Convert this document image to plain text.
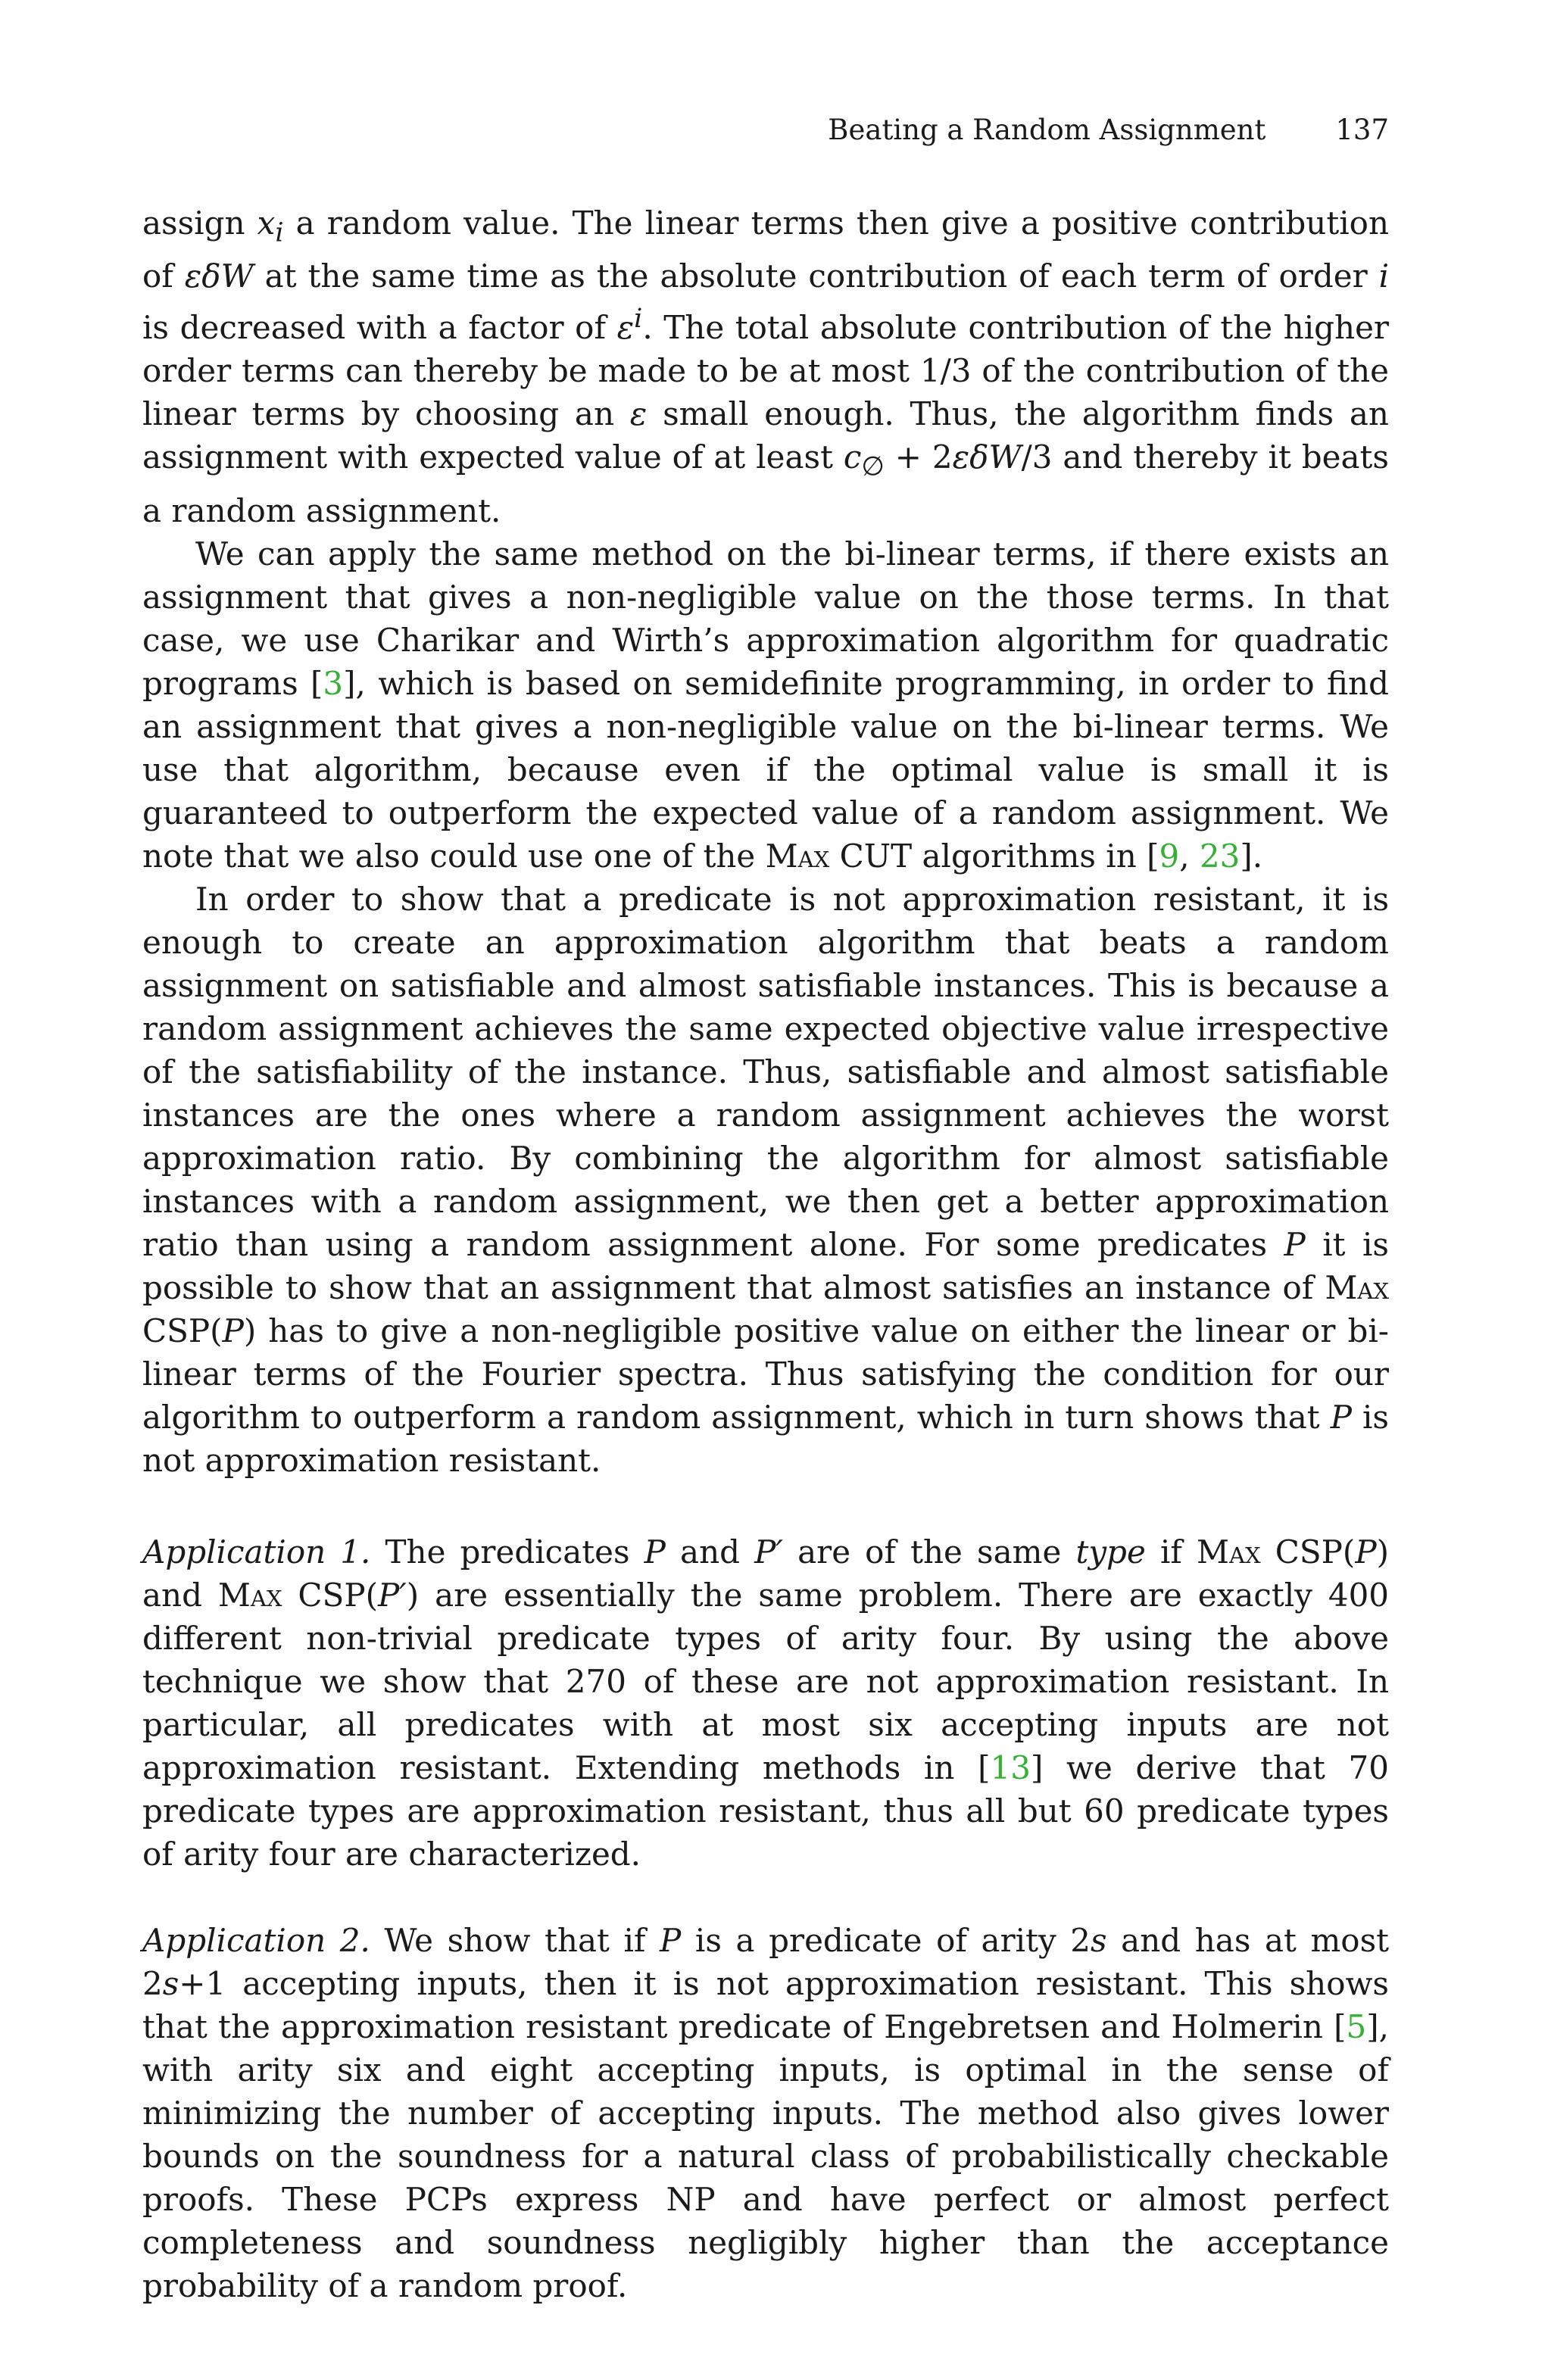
Beating a Random Assignment 137

assign $x_i$ a random value. The linear terms then give a positive contribution of εδW at the same time as the absolute contribution of each term of order i is decreased with a factor of $\varepsilon^i$. The total absolute contribution of the higher order terms can thereby be made to be at most 1/3 of the contribution of the linear terms by choosing an ε small enough. Thus, the algorithm finds an assignment with expected value of at least $c_\emptyset + 2\varepsilon\delta W/3$ and thereby it beats a random assignment.

We can apply the same method on the bi-linear terms, if there exists an assignment that gives a non-negligible value on the those terms. In that case, we use Charikar and Wirth’s approximation algorithm for quadratic programs [3], which is based on semidefinite programming, in order to find an assignment that gives a non-negligible value on the bi-linear terms. We use that algorithm, because even if the optimal value is small it is guaranteed to outperform the expected value of a random assignment. We note that we also could use one of the Max CUT algorithms in [9, 23].

In order to show that a predicate is not approximation resistant, it is enough to create an approximation algorithm that beats a random assignment on satisfiable and almost satisfiable instances. This is because a random assignment achieves the same expected objective value irrespective of the satisfiability of the instance. Thus, satisfiable and almost satisfiable instances are the ones where a random assignment achieves the worst approximation ratio. By combining the algorithm for almost satisfiable instances with a random assignment, we then get a better approximation ratio than using a random assignment alone. For some predicates P it is possible to show that an assignment that almost satisfies an instance of Max CSP(P) has to give a non-negligible positive value on either the linear or bi-linear terms of the Fourier spectra. Thus satisfying the condition for our algorithm to outperform a random assignment, which in turn shows that P is not approximation resistant.

Application 1. The predicates P and P′ are of the same type if Max CSP(P) and Max CSP(P′) are essentially the same problem. There are exactly 400 different non-trivial predicate types of arity four. By using the above technique we show that 270 of these are not approximation resistant. In particular, all predicates with at most six accepting inputs are not approximation resistant. Extending methods in [13] we derive that 70 predicate types are approximation resistant, thus all but 60 predicate types of arity four are characterized.

Application 2. We show that if P is a predicate of arity 2s and has at most 2s+1 accepting inputs, then it is not approximation resistant. This shows that the approximation resistant predicate of Engebretsen and Holmerin [5], with arity six and eight accepting inputs, is optimal in the sense of minimizing the number of accepting inputs. The method also gives lower bounds on the soundness for a natural class of probabilistically checkable proofs. These PCPs express NP and have perfect or almost perfect completeness and soundness negligibly higher than the acceptance probability of a random proof.
